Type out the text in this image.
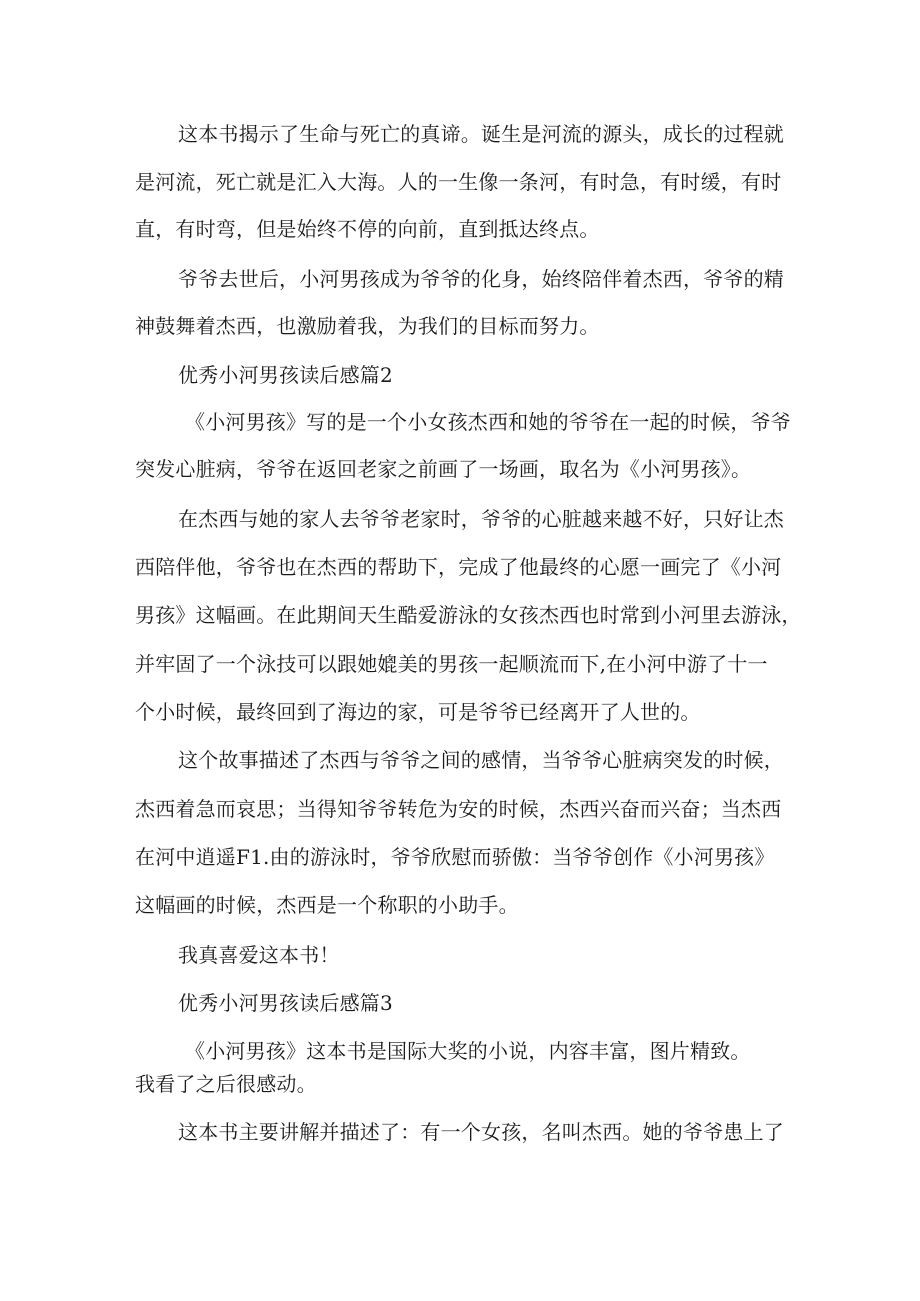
这本书揭示了生命与死亡的真谛。诞生是河流的源头，成长的过程就
是河流，死亡就是汇入大海。人的一生像一条河，有时急，有时缓，有时
直，有时弯，但是始终不停的向前，直到抵达终点。
爷爷去世后，小河男孩成为爷爷的化身，始终陪伴着杰西，爷爷的精
神鼓舞着杰西，也激励着我，为我们的目标而努力。
优秀小河男孩读后感篇2
《小河男孩》写的是一个小女孩杰西和她的爷爷在一起的时候，爷爷
突发心脏病，爷爷在返回老家之前画了一场画，取名为《小河男孩》。
在杰西与她的家人去爷爷老家时，爷爷的心脏越来越不好，只好让杰
西陪伴他，爷爷也在杰西的帮助下，完成了他最终的心愿一画完了《小河
男孩》这幅画。在此期间天生酷爱游泳的女孩杰西也时常到小河里去游泳，
并牢固了一个泳技可以跟她媲美的男孩一起顺流而下,在小河中游了十一
个小时候，最终回到了海边的家，可是爷爷已经离开了人世的。
这个故事描述了杰西与爷爷之间的感情，当爷爷心脏病突发的时候，
杰西着急而哀思；当得知爷爷转危为安的时候，杰西兴奋而兴奋；当杰西
在河中逍遥F1.由的游泳时，爷爷欣慰而骄傲：当爷爷创作《小河男孩》
这幅画的时候，杰西是一个称职的小助手。
我真喜爱这本书！
优秀小河男孩读后感篇3
《小河男孩》这本书是国际大奖的小说，内容丰富，图片精致。
我看了之后很感动。
这本书主要讲解并描述了：有一个女孩，名叫杰西。她的爷爷患上了
